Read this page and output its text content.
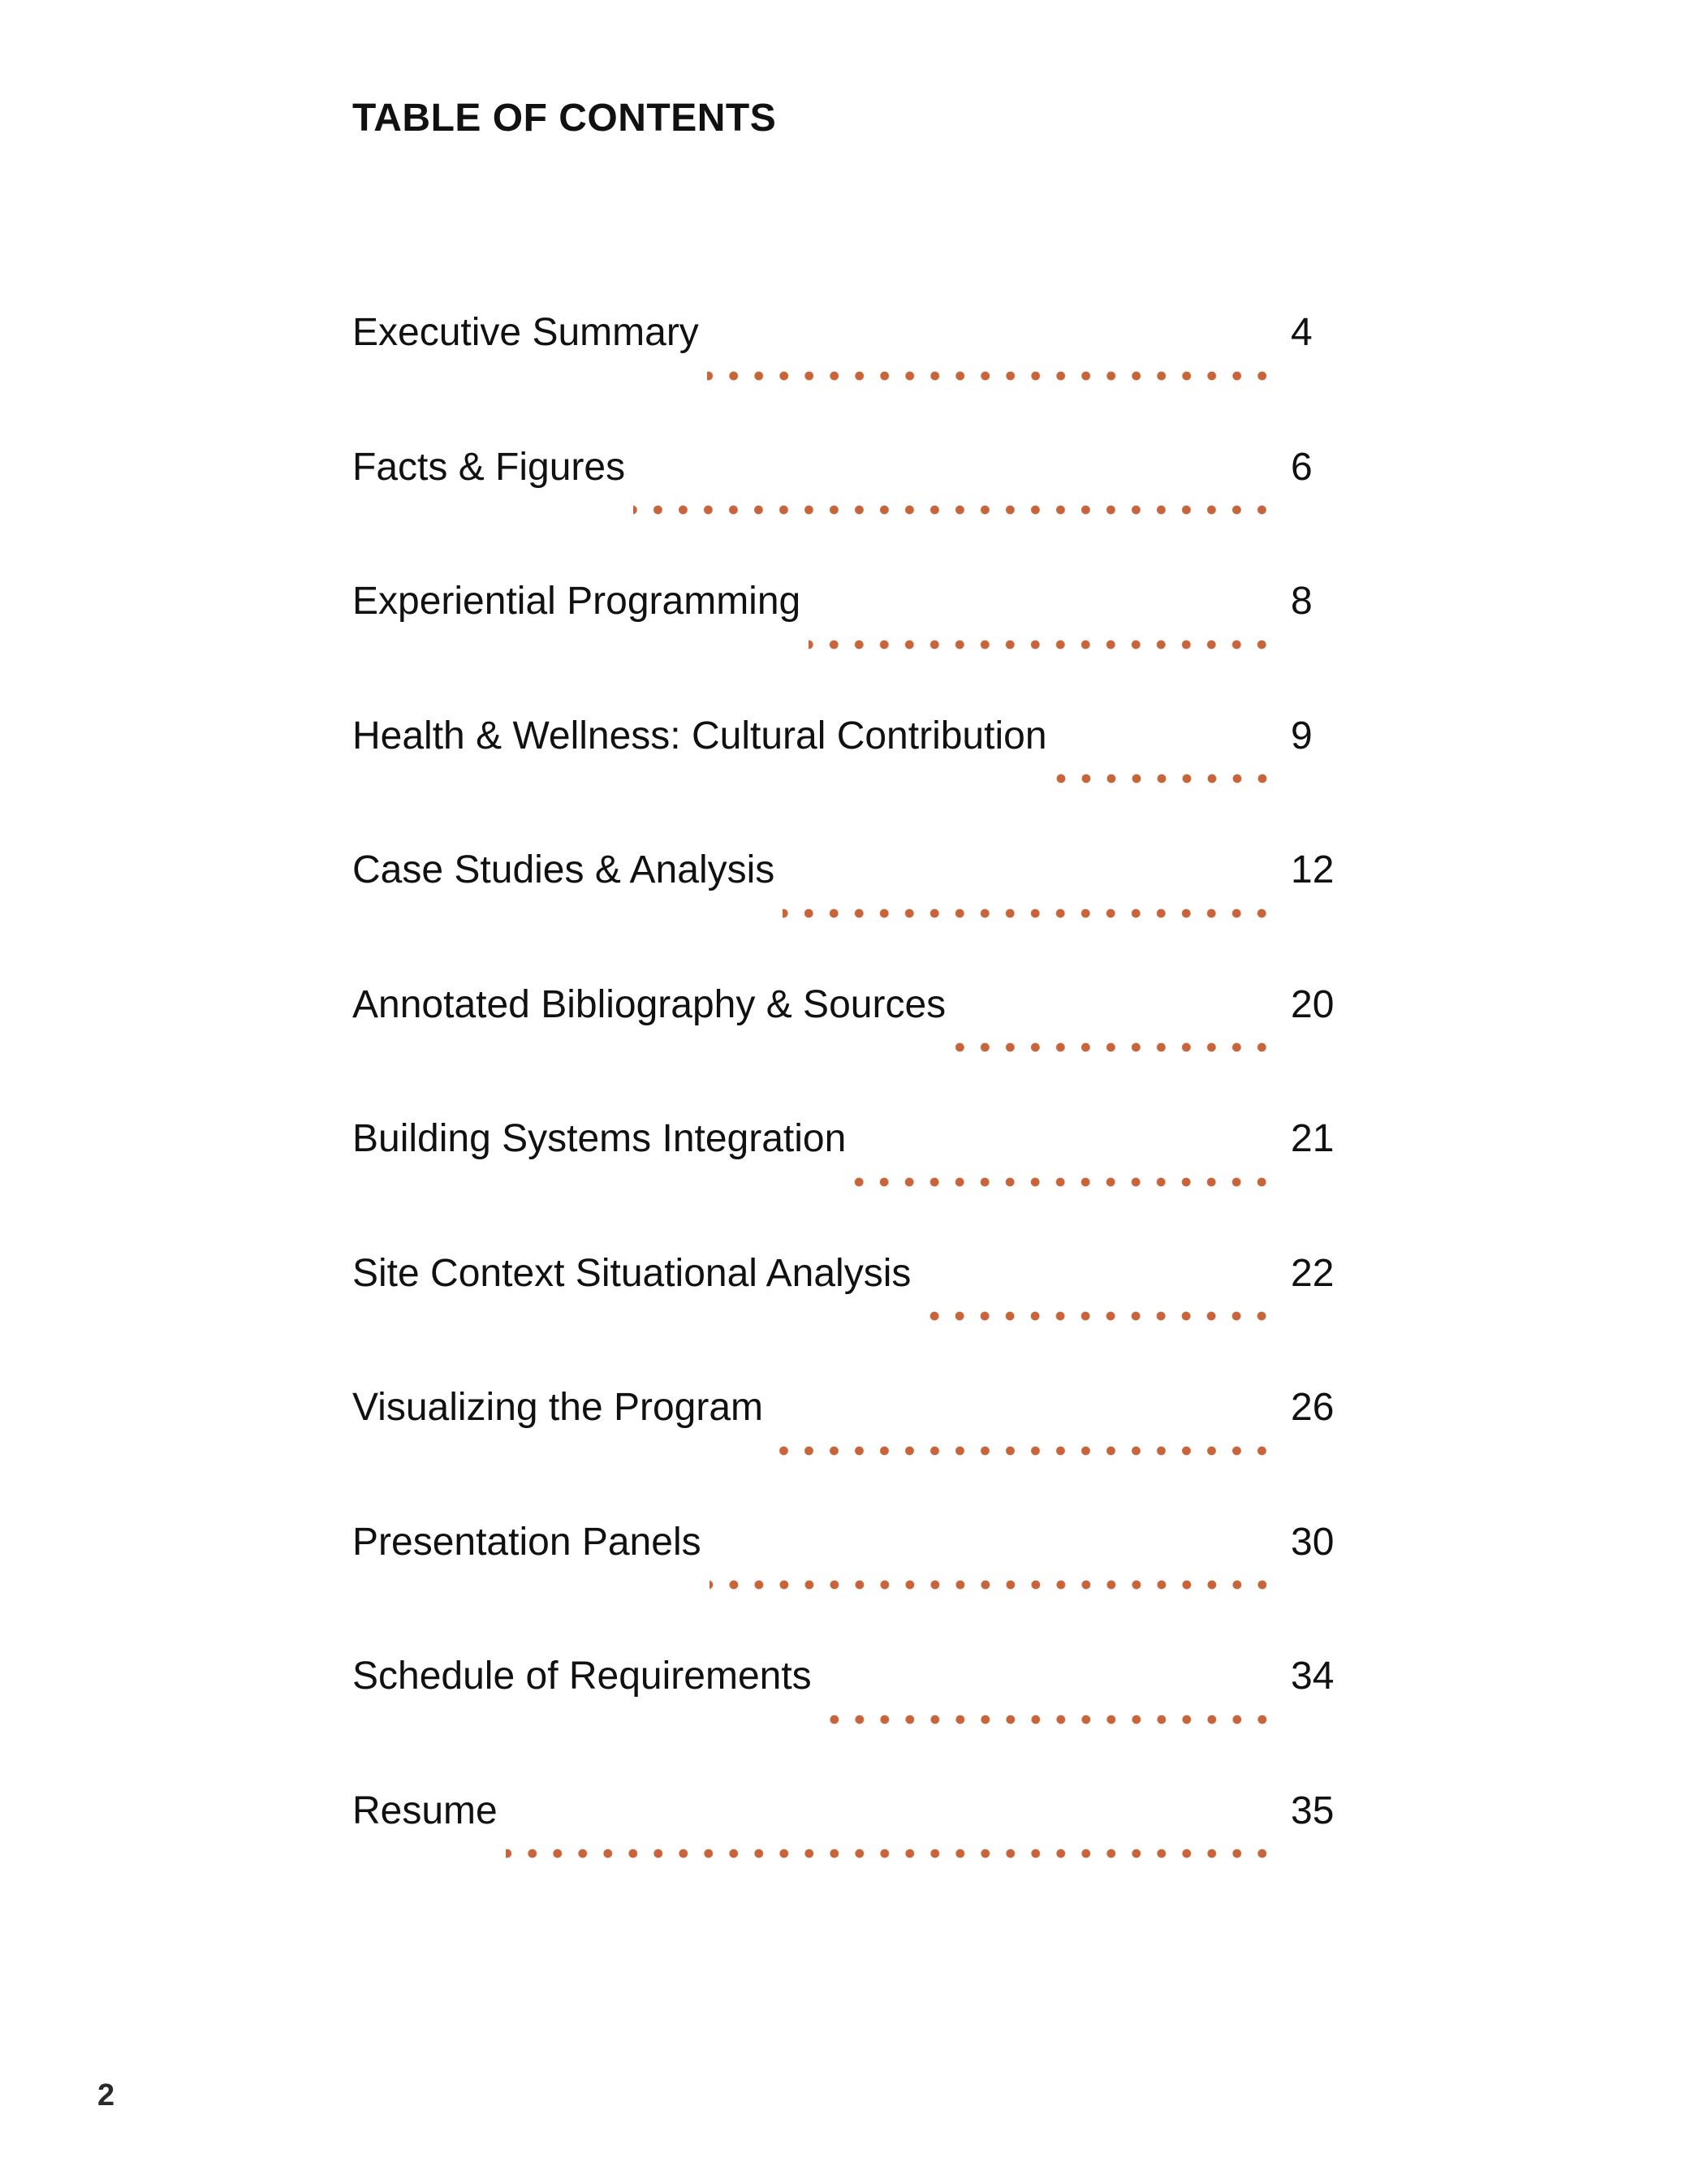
TABLE OF CONTENTS
Executive Summary	4
Facts & Figures	6
Experiential Programming	8
Health & Wellness: Cultural Contribution	9
Case Studies & Analysis	12
Annotated Bibliography & Sources	20
Building Systems Integration	21
Site Context Situational Analysis	22
Visualizing the Program	26
Presentation Panels	30
Schedule of Requirements	34
Resume	35
2
